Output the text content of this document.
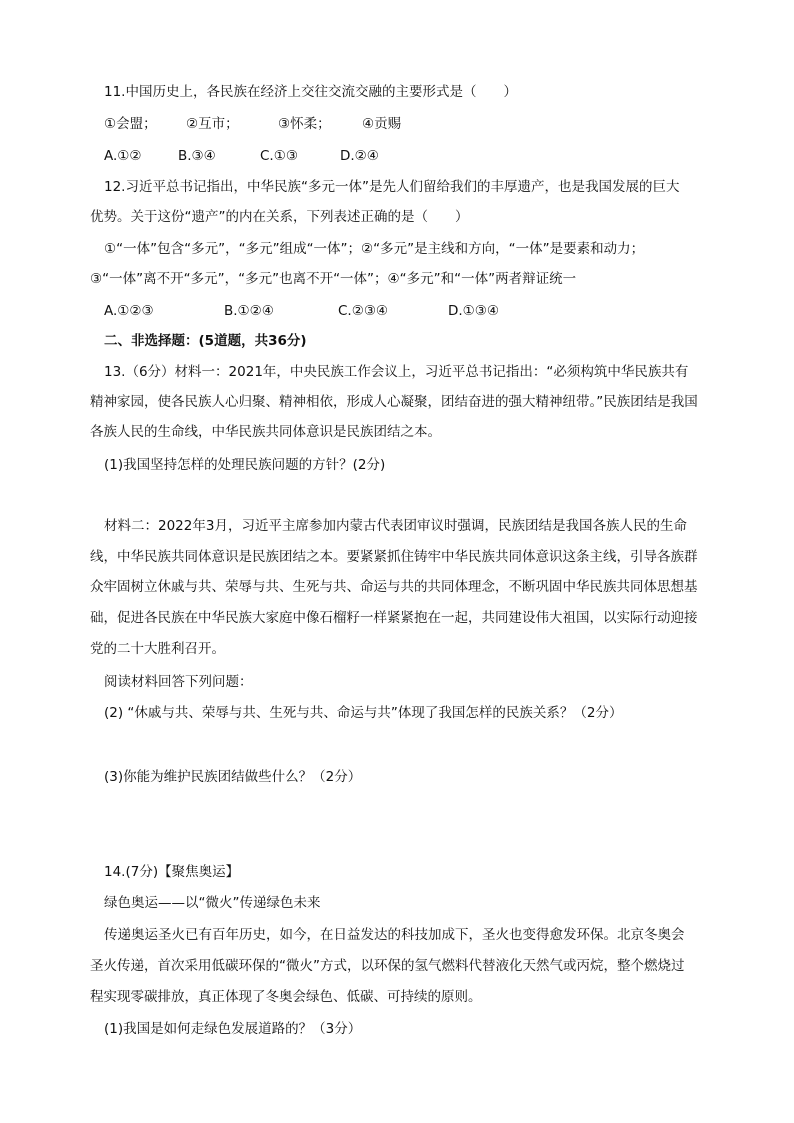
11.中国历史上，各民族在经济上交往交流交融的主要形式是（　　）
①会盟； ②互市；	③怀柔； ④贡赐
A.①②	B.③④	C.①③	D.②④
12.习近平总书记指出，中华民族“多元一体”是先人们留给我们的丰厚遗产，也是我国发展的巨大
优势。关于这份“遗产”的内在关系，下列表述正确的是（　　）
①“一体”包含“多元”，“多元”组成“一体”；②“多元”是主线和方向，“一体”是要素和动力；
③“一体”离不开“多元”，“多元”也离不开“一体”；④“多元”和“一体”两者辩证统一
A.①②③	B.①②④	C.②③④	D.①③④
二、非选择题：(5道题，共36分)
13.（6分）材料一：2021年，中央民族工作会议上，习近平总书记指出：“必须构筑中华民族共有
精神家园，使各民族人心归聚、精神相依，形成人心凝聚，团结奋进的强大精神纽带。”民族团结是我国
各族人民的生命线，中华民族共同体意识是民族团结之本。
(1)我国坚持怎样的处理民族问题的方针？(2分)
材料二：2022年3月，习近平主席参加内蒙古代表团审议时强调，民族团结是我国各族人民的生命
线，中华民族共同体意识是民族团结之本。要紧紧抓住铸牢中华民族共同体意识这条主线，引导各族群
众牢固树立休戚与共、荣辱与共、生死与共、命运与共的共同体理念，不断巩固中华民族共同体思想基
础，促进各民族在中华民族大家庭中像石榴籽一样紧紧抱在一起，共同建设伟大祖国，以实际行动迎接
党的二十大胜利召开。
阅读材料回答下列问题：
(2) “休戚与共、荣辱与共、生死与共、命运与共”体现了我国怎样的民族关系？（2分）
(3)你能为维护民族团结做些什么？（2分）
14.(7分)【聚焦奥运】
绿色奥运——以“微火”传递绿色未来
传递奥运圣火已有百年历史，如今，在日益发达的科技加成下，圣火也变得愈发环保。北京冬奥会
圣火传递，首次采用低碳环保的“微火”方式，以环保的氢气燃料代替液化天然气或丙烷，整个燃烧过
程实现零碳排放，真正体现了冬奥会绿色、低碳、可持续的原则。
(1)我国是如何走绿色发展道路的？（3分）
